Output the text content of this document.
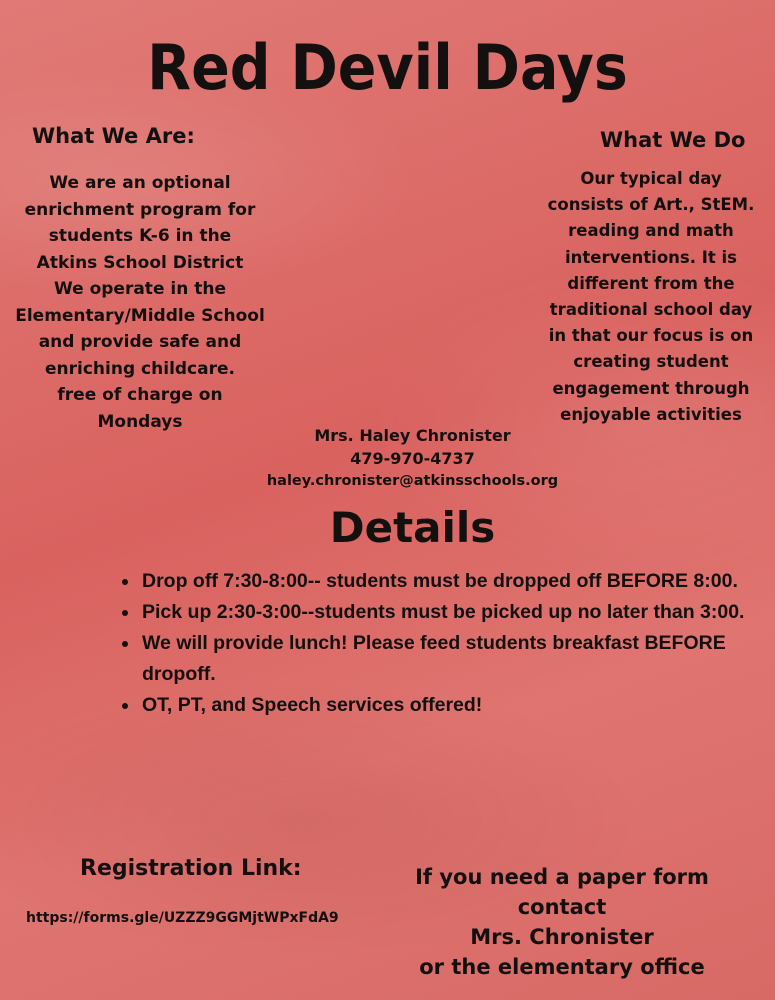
Red Devil Days
What We Are:
We are an optional
enrichment program for
students K-6 in the
Atkins School District
We operate in the
Elementary/Middle School
and provide safe and
enriching childcare.
free of charge on Mondays
What We Do
Our typical day
consists of Art., StEM.
reading and math
interventions. It is
different from the
traditional school day
in that our focus is on
creating student
engagement through
enjoyable activities
Mrs. Haley Chronister
479-970-4737
haley.chronister@atkinsschools.org
Details
• Drop off 7:30-8:00-- students must be dropped off BEFORE 8:00.
• Pick up 2:30-3:00--students must be picked up no later than 3:00.
• We will provide lunch! Please feed students breakfast BEFORE dropoff.
• OT, PT, and Speech services offered!
Registration Link:
https://forms.gle/UZZZ9GGMjtWPxFdA9
If you need a paper form contact
Mrs. Chronister
or the elementary office
